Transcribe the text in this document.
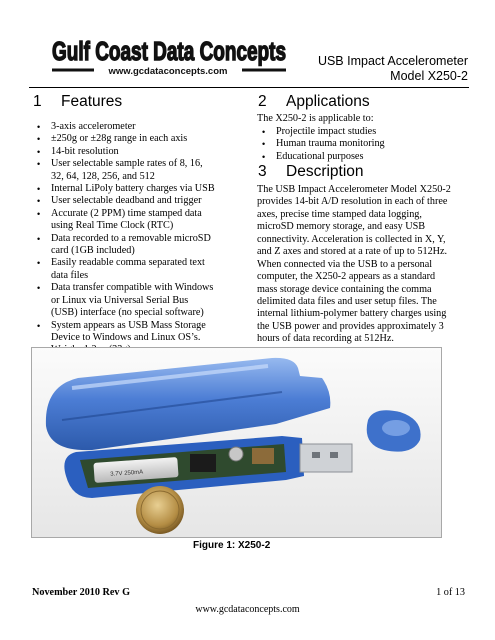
Gulf Coast Data Concepts
www.gcdataconcepts.com
USB Impact Accelerometer
Model X250-2
1 Features
• 3-axis accelerometer
• ±250g or ±28g range in each axis
• 14-bit resolution
• User selectable sample rates of 8, 16,
32, 64, 128, 256, and 512
• Internal LiPoly battery charges via USB
• User selectable deadband and trigger
• Accurate (2 PPM) time stamped data
using Real Time Clock (RTC)
• Data recorded to a removable microSD
card (1GB included)
• Easily readable comma separated text
data files
• Data transfer compatible with Windows
or Linux via Universal Serial Bus
(USB) interface (no special software)
• System appears as USB Mass Storage
Device to Windows and Linux OS’s.
•
•
2 Applications
The X250-2 is applicable to:
• Projectile impact studies
• Human trauma monitoring
• Educational purposes
3 Description
The USB Impact Accelerometer Model X250-2
provides 14-bit A/D resolution in each of three
axes, precise time stamped data logging,
microSD memory storage, and easy USB
connectivity. Acceleration is collected in X, Y,
and Z axes and stored at a rate of up to 512Hz.
When connected via the USB to a personal
computer, the X250-2 appears as a standard
mass storage device containing the comma
delimited data files and user setup files. The
internal lithium-polymer battery charges using
the USB power and provides approximately 3
hours of data recording at 512Hz.
3.7V 250mA
Figure 1: X250-2
November 2010 Rev G	1 of 13
www.gcdataconcepts.com
